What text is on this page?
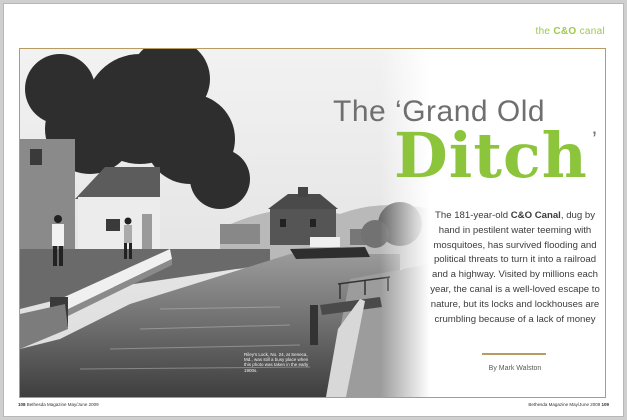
the C&O canal
Riley's Lock, No. 24, at Seneca, Md., was still a busy place when this photo was taken in the early 1900s.
The ‘Grand Old
Ditch ’
The 181-year-old C&O Canal, dug by hand in pestilent water teeming with mosquitoes, has survived flooding and political threats to turn it into a railroad and a highway. Visited by millions each year, the canal is a well-loved escape to nature, but its locks and lockhouses are crumbling because of a lack of money
By Mark Walston
108 Bethesda Magazine May/June 2009	Bethesda Magazine May/June 2009 109
